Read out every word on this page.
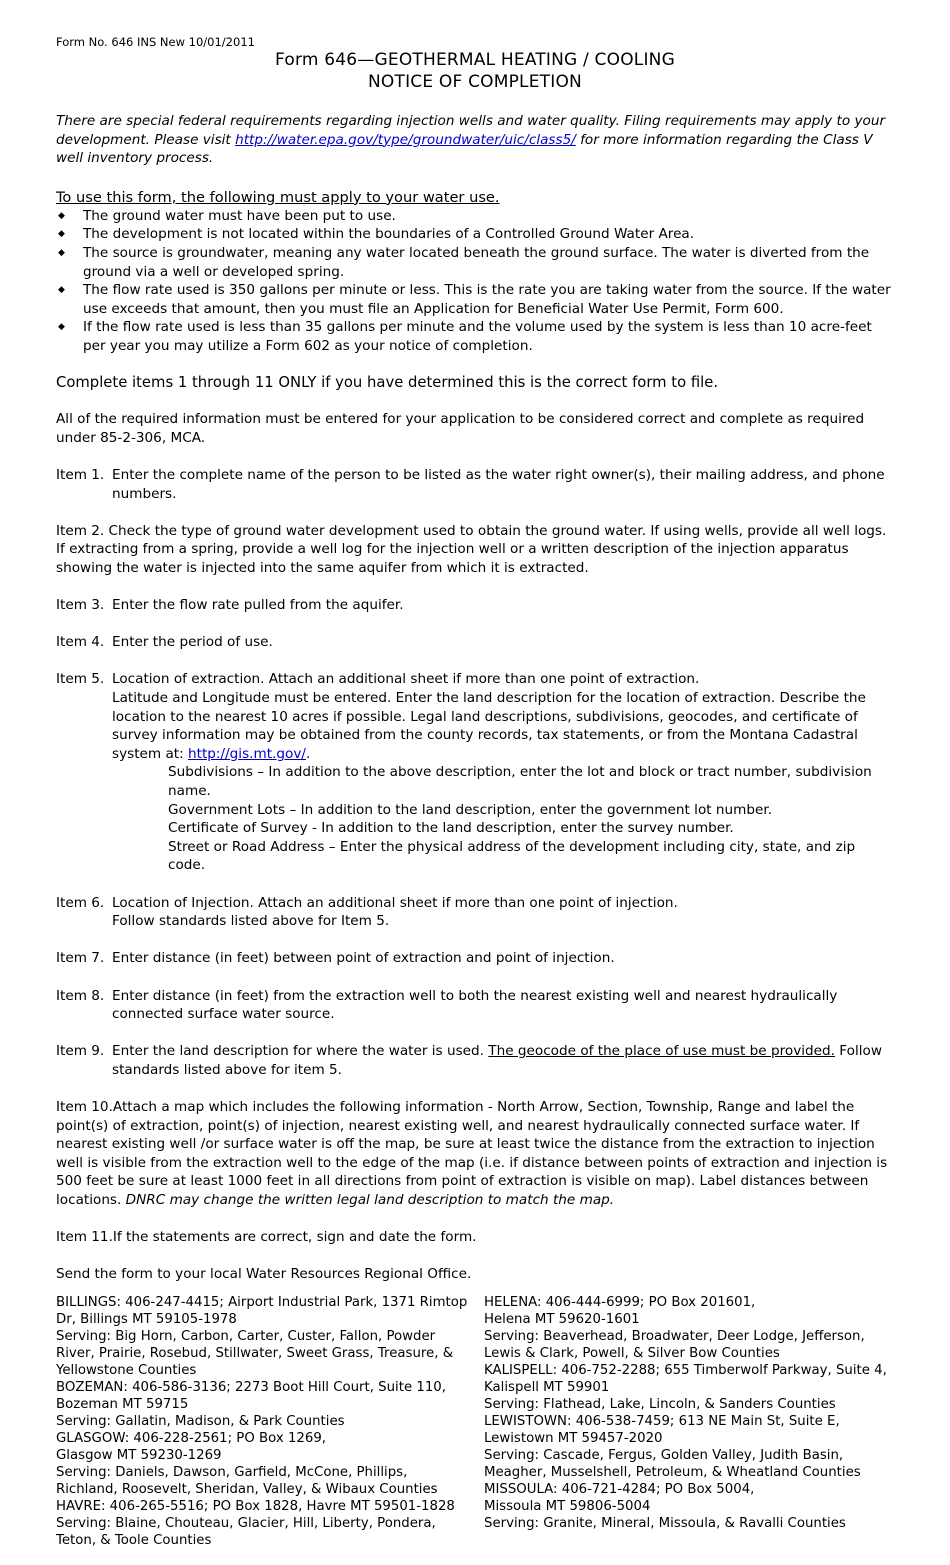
Form No. 646 INS New 10/01/2011
Form 646—GEOTHERMAL HEATING / COOLING
NOTICE OF COMPLETION
There are special federal requirements regarding injection wells and water quality. Filing requirements may apply to your development. Please visit http://water.epa.gov/type/groundwater/uic/class5/ for more information regarding the Class V well inventory process.
To use this form, the following must apply to your water use.
◆ The ground water must have been put to use.
◆ The development is not located within the boundaries of a Controlled Ground Water Area.
◆ The source is groundwater, meaning any water located beneath the ground surface. The water is diverted from the ground via a well or developed spring.
◆ The flow rate used is 350 gallons per minute or less. This is the rate you are taking water from the source. If the water use exceeds that amount, then you must file an Application for Beneficial Water Use Permit, Form 600.
◆ If the flow rate used is less than 35 gallons per minute and the volume used by the system is less than 10 acre-feet per year you may utilize a Form 602 as your notice of completion.
Complete items 1 through 11 ONLY if you have determined this is the correct form to file.
All of the required information must be entered for your application to be considered correct and complete as required under 85-2-306, MCA.
Item 1. Enter the complete name of the person to be listed as the water right owner(s), their mailing address, and phone numbers.
Item 2. Check the type of ground water development used to obtain the ground water. If using wells, provide all well logs. If extracting from a spring, provide a well log for the injection well or a written description of the injection apparatus showing the water is injected into the same aquifer from which it is extracted.
Item 3. Enter the flow rate pulled from the aquifer.
Item 4. Enter the period of use.
Item 5. Location of extraction. Attach an additional sheet if more than one point of extraction.
Latitude and Longitude must be entered. Enter the land description for the location of extraction. Describe the location to the nearest 10 acres if possible. Legal land descriptions, subdivisions, geocodes, and certificate of survey information may be obtained from the county records, tax statements, or from the Montana Cadastral system at: http://gis.mt.gov/.
Subdivisions – In addition to the above description, enter the lot and block or tract number, subdivision name.
Government Lots – In addition to the land description, enter the government lot number.
Certificate of Survey - In addition to the land description, enter the survey number.
Street or Road Address – Enter the physical address of the development including city, state, and zip code.
Item 6. Location of Injection. Attach an additional sheet if more than one point of injection.
Follow standards listed above for Item 5.
Item 7. Enter distance (in feet) between point of extraction and point of injection.
Item 8. Enter distance (in feet) from the extraction well to both the nearest existing well and nearest hydraulically connected surface water source.
Item 9. Enter the land description for where the water is used. The geocode of the place of use must be provided. Follow standards listed above for item 5.
Item 10.Attach a map which includes the following information - North Arrow, Section, Township, Range and label the point(s) of extraction, point(s) of injection, nearest existing well, and nearest hydraulically connected surface water. If nearest existing well /or surface water is off the map, be sure at least twice the distance from the extraction to injection well is visible from the extraction well to the edge of the map (i.e. if distance between points of extraction and injection is 500 feet be sure at least 1000 feet in all directions from point of extraction is visible on map). Label distances between locations. DNRC may change the written legal land description to match the map.
Item 11.If the statements are correct, sign and date the form.
Send the form to your local Water Resources Regional Office.
BILLINGS: 406-247-4415; Airport Industrial Park, 1371 Rimtop Dr, Billings MT 59105-1978
Serving: Big Horn, Carbon, Carter, Custer, Fallon, Powder River, Prairie, Rosebud, Stillwater, Sweet Grass, Treasure, & Yellowstone Counties
BOZEMAN: 406-586-3136; 2273 Boot Hill Court, Suite 110, Bozeman MT 59715
Serving: Gallatin, Madison, & Park Counties
GLASGOW: 406-228-2561; PO Box 1269,
Glasgow MT 59230-1269
Serving: Daniels, Dawson, Garfield, McCone, Phillips, Richland, Roosevelt, Sheridan, Valley, & Wibaux Counties
HAVRE: 406-265-5516; PO Box 1828, Havre MT 59501-1828
Serving: Blaine, Chouteau, Glacier, Hill, Liberty, Pondera, Teton, & Toole Counties
HELENA: 406-444-6999; PO Box 201601,
Helena MT 59620-1601
Serving: Beaverhead, Broadwater, Deer Lodge, Jefferson, Lewis & Clark, Powell, & Silver Bow Counties
KALISPELL: 406-752-2288; 655 Timberwolf Parkway, Suite 4, Kalispell MT 59901
Serving: Flathead, Lake, Lincoln, & Sanders Counties
LEWISTOWN: 406-538-7459; 613 NE Main St, Suite E,
Lewistown MT 59457-2020
Serving: Cascade, Fergus, Golden Valley, Judith Basin, Meagher, Musselshell, Petroleum, & Wheatland Counties
MISSOULA: 406-721-4284; PO Box 5004,
Missoula MT 59806-5004
Serving: Granite, Mineral, Missoula, & Ravalli Counties
